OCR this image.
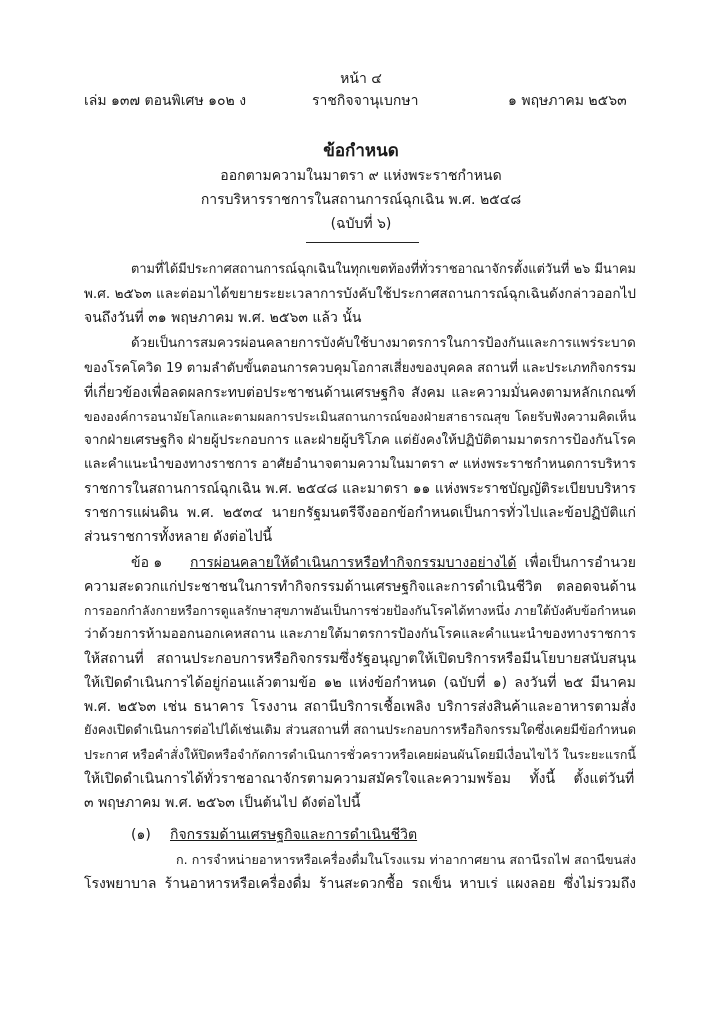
หน้า ๔
เล่ม ๑๓๗ ตอนพิเศษ ๑๐๒ ง	ราชกิจจานุเบกษา	๑ พฤษภาคม ๒๕๖๓
ข้อกำหนด
ออกตามความในมาตรา ๙ แห่งพระราชกำหนด
การบริหารราชการในสถานการณ์ฉุกเฉิน พ.ศ. ๒๕๔๘
(ฉบับที่ ๖)
ตามที่ได้มีประกาศสถานการณ์ฉุกเฉินในทุกเขตท้องที่ทั่วราชอาณาจักรตั้งแต่วันที่ ๒๖ มีนาคม
พ.ศ. ๒๕๖๓ และต่อมาได้ขยายระยะเวลาการบังคับใช้ประกาศสถานการณ์ฉุกเฉินดังกล่าวออกไป
จนถึงวันที่ ๓๑ พฤษภาคม พ.ศ. ๒๕๖๓ แล้ว นั้น
ด้วยเป็นการสมควรผ่อนคลายการบังคับใช้บางมาตรการในการป้องกันและการแพร่ระบาด
ของโรคโควิด 19 ตามลำดับขั้นตอนการควบคุมโอกาสเสี่ยงของบุคคล สถานที่ และประเภทกิจกรรม
ที่เกี่ยวข้องเพื่อลดผลกระทบต่อประชาชนด้านเศรษฐกิจ สังคม และความมั่นคงตามหลักเกณฑ์
ขององค์การอนามัยโลกและตามผลการประเมินสถานการณ์ของฝ่ายสาธารณสุข โดยรับฟังความคิดเห็น
จากฝ่ายเศรษฐกิจ ฝ่ายผู้ประกอบการ และฝ่ายผู้บริโภค แต่ยังคงให้ปฏิบัติตามมาตรการป้องกันโรค
และคำแนะนำของทางราชการ อาศัยอำนาจตามความในมาตรา ๙ แห่งพระราชกำหนดการบริหาร
ราชการในสถานการณ์ฉุกเฉิน พ.ศ. ๒๕๔๘ และมาตรา ๑๑ แห่งพระราชบัญญัติระเบียบบริหาร
ราชการแผ่นดิน พ.ศ. ๒๕๓๔ นายกรัฐมนตรีจึงออกข้อกำหนดเป็นการทั่วไปและข้อปฏิบัติแก่
ส่วนราชการทั้งหลาย ดังต่อไปนี้
ข้อ ๑ การผ่อนคลายให้ดำเนินการหรือทำกิจกรรมบางอย่างได้ เพื่อเป็นการอำนวย
ความสะดวกแก่ประชาชนในการทำกิจกรรมด้านเศรษฐกิจและการดำเนินชีวิต ตลอดจนด้าน
การออกกำลังกายหรือการดูแลรักษาสุขภาพอันเป็นการช่วยป้องกันโรคได้ทางหนึ่ง ภายใต้บังคับข้อกำหนด
ว่าด้วยการห้ามออกนอกเคหสถาน และภายใต้มาตรการป้องกันโรคและคำแนะนำของทางราชการ
ให้สถานที่ สถานประกอบการหรือกิจกรรมซึ่งรัฐอนุญาตให้เปิดบริการหรือมีนโยบายสนับสนุน
ให้เปิดดำเนินการได้อยู่ก่อนแล้วตามข้อ ๑๒ แห่งข้อกำหนด (ฉบับที่ ๑) ลงวันที่ ๒๕ มีนาคม
พ.ศ. ๒๕๖๓ เช่น ธนาคาร โรงงาน สถานีบริการเชื้อเพลิง บริการส่งสินค้าและอาหารตามสั่ง
ยังคงเปิดดำเนินการต่อไปได้เช่นเดิม ส่วนสถานที่ สถานประกอบการหรือกิจกรรมใดซึ่งเคยมีข้อกำหนด
ประกาศ หรือคำสั่งให้ปิดหรือจำกัดการดำเนินการชั่วคราวหรือเคยผ่อนผันโดยมีเงื่อนไขไว้ ในระยะแรกนี้
ให้เปิดดำเนินการได้ทั่วราชอาณาจักรตามความสมัครใจและความพร้อม ทั้งนี้ ตั้งแต่วันที่
๓ พฤษภาคม พ.ศ. ๒๕๖๓ เป็นต้นไป ดังต่อไปนี้
(๑) กิจกรรมด้านเศรษฐกิจและการดำเนินชีวิต
ก. การจำหน่ายอาหารหรือเครื่องดื่มในโรงแรม ท่าอากาศยาน สถานีรถไฟ สถานีขนส่ง
โรงพยาบาล ร้านอาหารหรือเครื่องดื่ม ร้านสะดวกซื้อ รถเข็น หาบเร่ แผงลอย ซึ่งไม่รวมถึง
